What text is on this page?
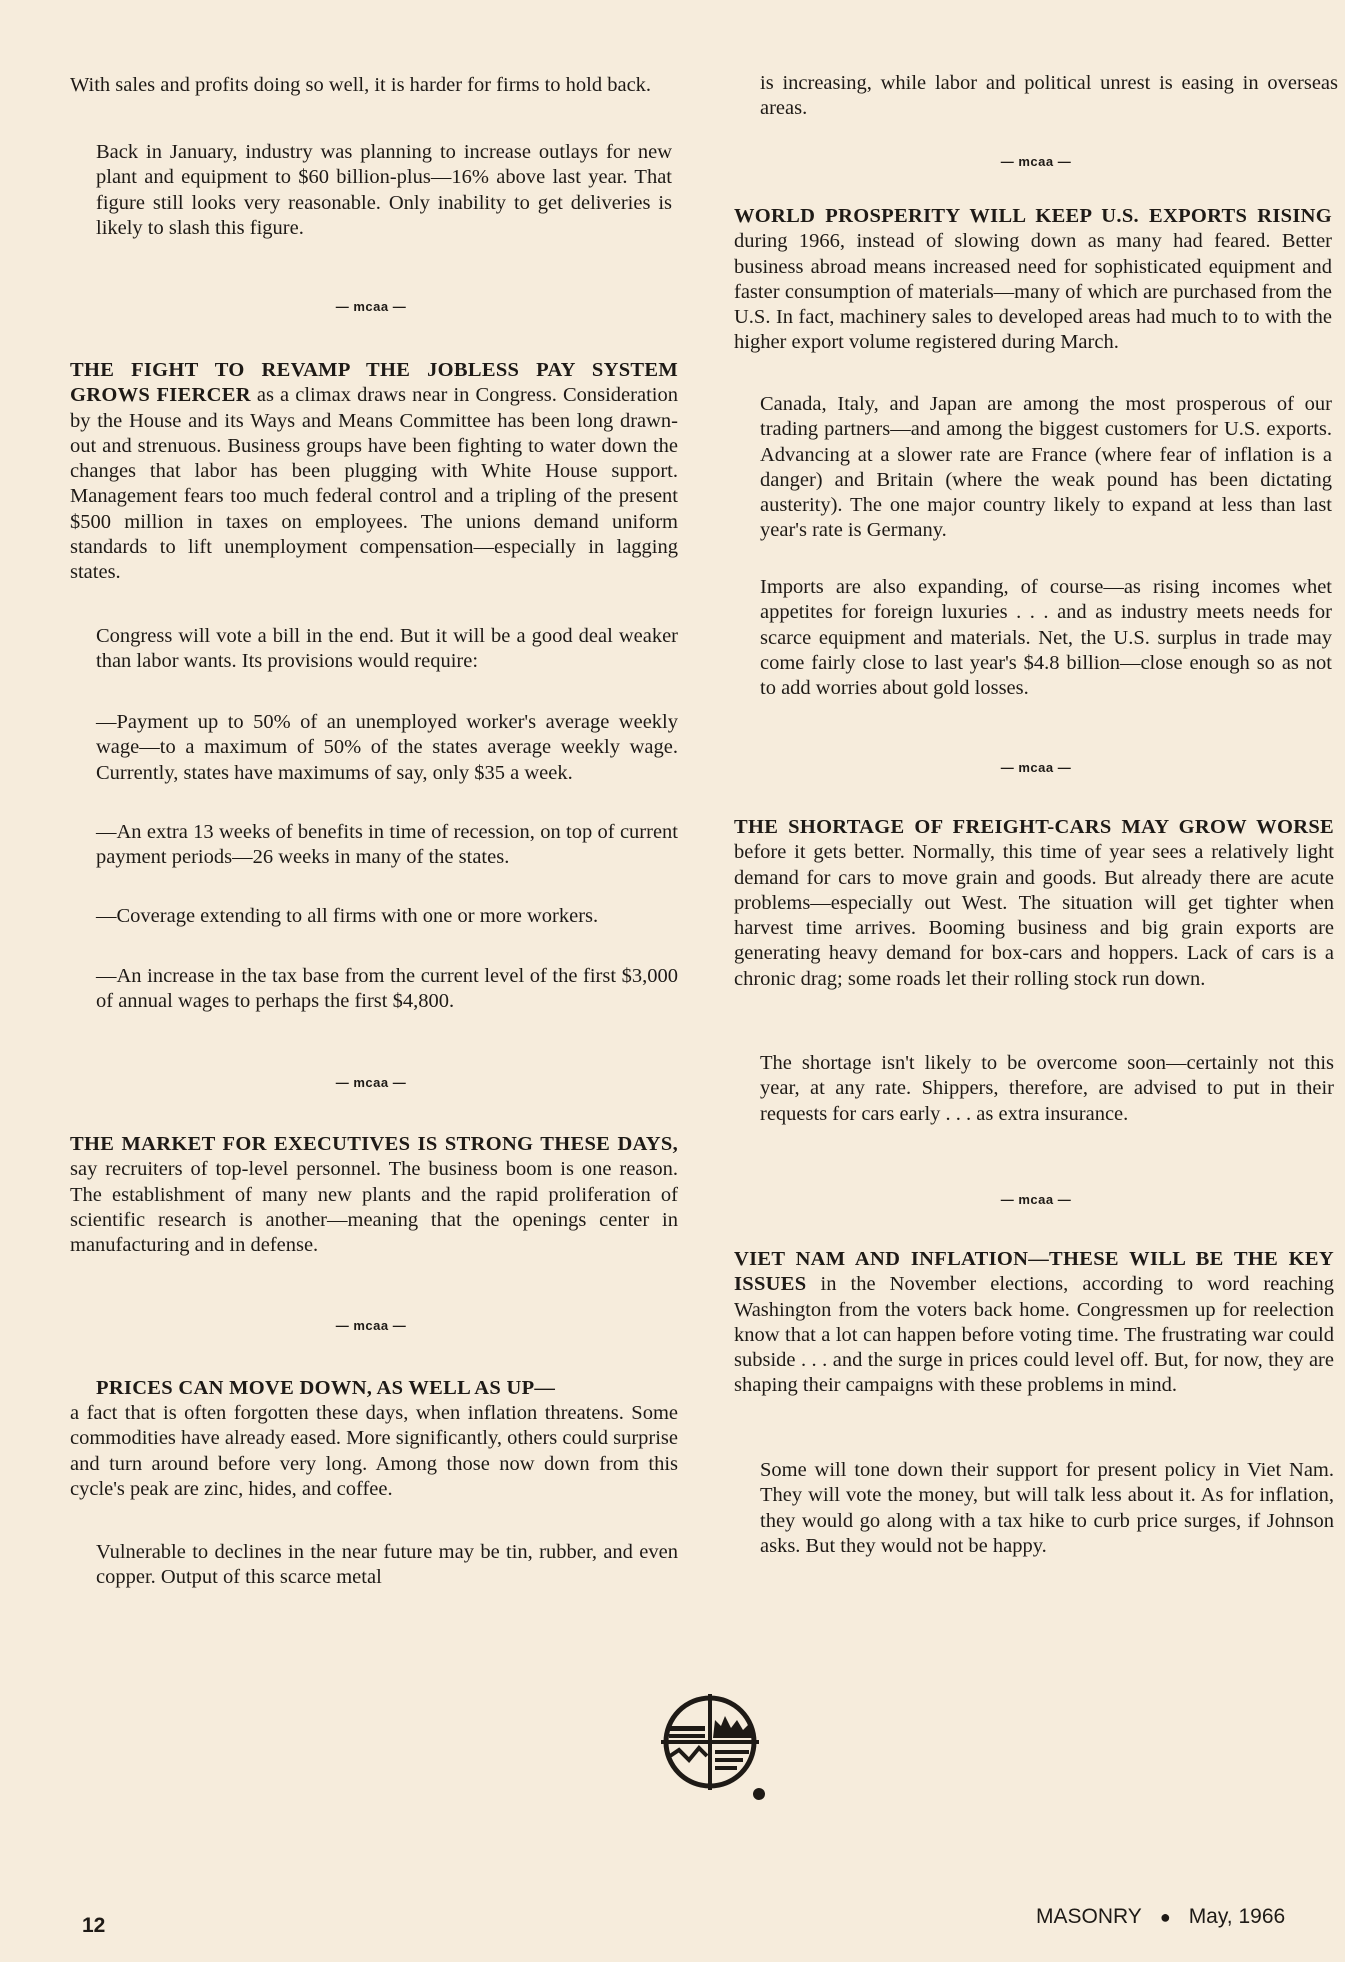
With sales and profits doing so well, it is harder for firms to hold back.

Back in January, industry was planning to increase outlays for new plant and equipment to $60 billion-plus—16% above last year. That figure still looks very reasonable. Only inability to get deliveries is likely to slash this figure.

— mcaa —

THE FIGHT TO REVAMP THE JOBLESS PAY SYSTEM GROWS FIERCER as a climax draws near in Congress. Consideration by the House and its Ways and Means Committee has been long drawn-out and strenuous. Business groups have been fighting to water down the changes that labor has been plugging with White House support. Management fears too much federal control and a tripling of the present $500 million in taxes on employees. The unions demand uniform standards to lift unemployment compensation—especially in lagging states.

Congress will vote a bill in the end. But it will be a good deal weaker than labor wants. Its provisions would require:

—Payment up to 50% of an unemployed worker's average weekly wage—to a maximum of 50% of the states average weekly wage. Currently, states have maximums of say, only $35 a week.

—An extra 13 weeks of benefits in time of recession, on top of current payment periods—26 weeks in many of the states.

—Coverage extending to all firms with one or more workers.

—An increase in the tax base from the current level of the first $3,000 of annual wages to perhaps the first $4,800.

— mcaa —

THE MARKET FOR EXECUTIVES IS STRONG THESE DAYS, say recruiters of top-level personnel. The business boom is one reason. The establishment of many new plants and the rapid proliferation of scientific research is another—meaning that the openings center in manufacturing and in defense.

— mcaa —

PRICES CAN MOVE DOWN, AS WELL AS UP—

a fact that is often forgotten these days, when inflation threatens. Some commodities have already eased. More significantly, others could surprise and turn around before very long. Among those now down from this cycle's peak are zinc, hides, and coffee.

Vulnerable to declines in the near future may be tin, rubber, and even copper. Output of this scarce metal

is increasing, while labor and political unrest is easing in overseas areas.

— mcaa —

WORLD PROSPERITY WILL KEEP U.S. EXPORTS RISING during 1966, instead of slowing down as many had feared. Better business abroad means increased need for sophisticated equipment and faster consumption of materials—many of which are purchased from the U.S. In fact, machinery sales to developed areas had much to to with the higher export volume registered during March.

Canada, Italy, and Japan are among the most prosperous of our trading partners—and among the biggest customers for U.S. exports. Advancing at a slower rate are France (where fear of inflation is a danger) and Britain (where the weak pound has been dictating austerity). The one major country likely to expand at less than last year's rate is Germany.

Imports are also expanding, of course—as rising incomes whet appetites for foreign luxuries . . . and as industry meets needs for scarce equipment and materials. Net, the U.S. surplus in trade may come fairly close to last year's $4.8 billion—close enough so as not to add worries about gold losses.

— mcaa —

THE SHORTAGE OF FREIGHT-CARS MAY GROW WORSE before it gets better. Normally, this time of year sees a relatively light demand for cars to move grain and goods. But already there are acute problems—especially out West. The situation will get tighter when harvest time arrives. Booming business and big grain exports are generating heavy demand for box-cars and hoppers. Lack of cars is a chronic drag; some roads let their rolling stock run down.

The shortage isn't likely to be overcome soon—certainly not this year, at any rate. Shippers, therefore, are advised to put in their requests for cars early . . . as extra insurance.

— mcaa —

VIET NAM AND INFLATION—THESE WILL BE THE KEY ISSUES in the November elections, according to word reaching Washington from the voters back home. Congressmen up for reelection know that a lot can happen before voting time. The frustrating war could subside . . . and the surge in prices could level off. But, for now, they are shaping their campaigns with these problems in mind.

Some will tone down their support for present policy in Viet Nam. They will vote the money, but will talk less about it. As for inflation, they would go along with a tax hike to curb price surges, if Johnson asks. But they would not be happy.

12	MASONRY ● May, 1966
